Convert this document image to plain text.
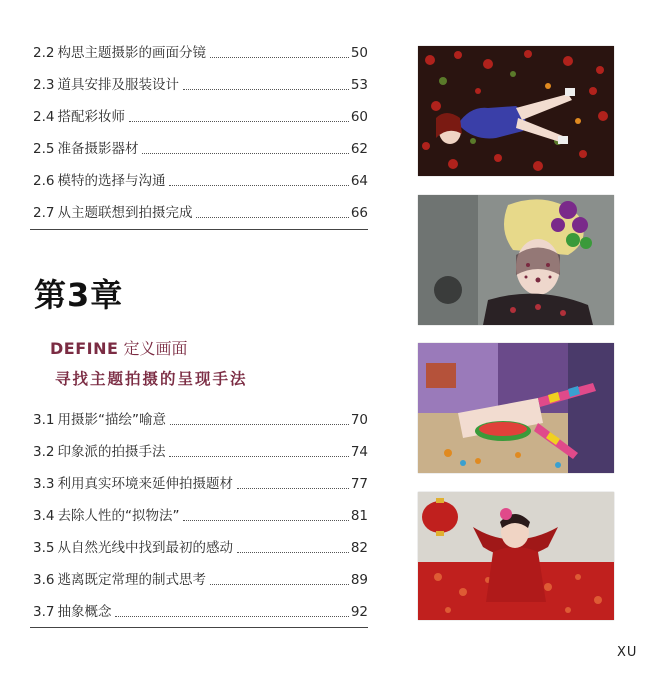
2.2 构思主题摄影的画面分镜	50
2.3 道具安排及服装设计	53
2.4 搭配彩妆师	60
2.5 准备摄影器材	62
2.6 模特的选择与沟通	64
2.7 从主题联想到拍摄完成	66
第3章
DEFINE 定义画面
寻找主题拍摄的呈现手法
3.1 用摄影“描绘”喻意	70
3.2 印象派的拍摄手法	74
3.3 利用真实环境来延伸拍摄题材	77
3.4 去除人性的“拟物法”	81
3.5 从自然光线中找到最初的感动	82
3.6 逃离既定常理的制式思考	89
3.7 抽象概念	92
XU
